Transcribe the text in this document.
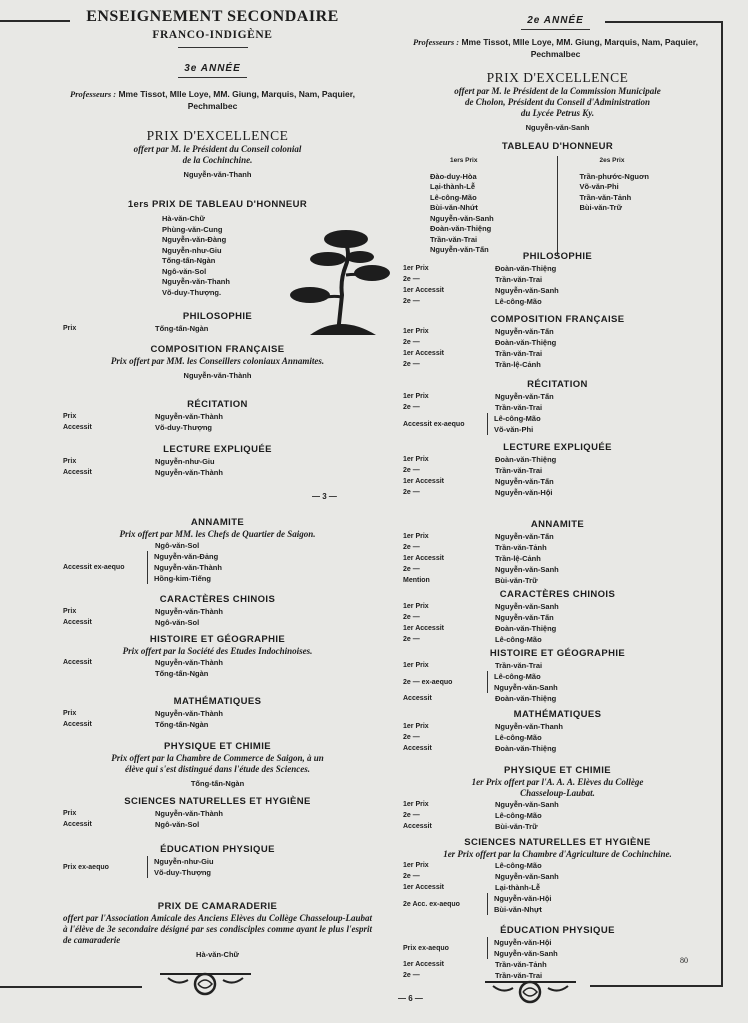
ENSEIGNEMENT SECONDAIRE
FRANCO-INDIGÈNE
3e ANNÉE
Professeurs : Mme Tissot, Mlle Loye, MM. Giung, Marquis, Nam, Paquier, Pechmalbec
2e ANNÉE
Professeurs : Mme Tissot, Mlle Loye, MM. Giung, Marquis, Nam, Paquier, Pechmalbec
PRIX D'EXCELLENCE
offert par M. le Président du Conseil colonial
de la Cochinchine.
Nguyễn-văn-Thanh
1ers PRIX DE TABLEAU D'HONNEUR
Hà-văn-Chữ
Phùng-văn-Cung
Nguyễn-văn-Đàng
Nguyễn-như-Giu
Tống-tấn-Ngàn
Ngô-văn-Sol
Nguyễn-văn-Thanh
Võ-duy-Thượng.
PHILOSOPHIE
Prix	Tống-tấn-Ngàn
COMPOSITION FRANÇAISE
Prix offert par MM. les Conseillers coloniaux Annamites.
Nguyễn-văn-Thành
RÉCITATION
Prix	Nguyễn-văn-Thành
Accessit	Võ-duy-Thượng
LECTURE EXPLIQUÉE
Prix	Nguyễn-như-Giu
Accessit	Nguyễn-văn-Thành
ANNAMITE
Prix offert par MM. les Chefs de Quartier de Saigon.
Ngô-văn-Sol
Accessit ex-aequo
Nguyễn-văn-Đảng
Nguyễn-văn-Thành
Hồng-kim-Tiếng
CARACTÈRES CHINOIS
Prix	Nguyễn-văn-Thành
Accessit	Ngô-văn-Sol
HISTOIRE ET GÉOGRAPHIE
Prix offert par la Société des Etudes Indochinoises.
Accessit	Nguyễn-văn-Thành
Tống-tấn-Ngàn
MATHÉMATIQUES
Prix	Nguyễn-văn-Thành
Accessit	Tống-tấn-Ngàn
PHYSIQUE ET CHIMIE
Prix offert par la Chambre de Commerce de Saigon, à un
élève qui s'est distingué dans l'étude des Sciences.
Tống-tấn-Ngàn
SCIENCES NATURELLES ET HYGIÈNE
Prix	Nguyễn-văn-Thành
Accessit	Ngô-văn-Sol
ÉDUCATION PHYSIQUE
Prix ex-aequo
Nguyễn-như-Giu
Võ-duy-Thượng
PRIX DE CAMARADERIE
offert par l'Association Amicale des Anciens Elèves du Collège Chasseloup-Laubat à l'élève de 3e secondaire désigné par ses condisciples comme ayant le plus l'esprit de camaraderie
Hà-văn-Chữ
PRIX D'EXCELLENCE
offert par M. le Président de la Commission Municipale
de Cholon, Président du Conseil d'Administration
du Lycée Petrus Ky.
Nguyễn-văn-Sanh
TABLEAU D'HONNEUR
1ers Prix
Đào-duy-Hòa
Lại-thành-Lễ
Lê-công-Mão
Bùi-văn-Nhứt
Nguyễn-văn-Sanh
Đoàn-văn-Thiệng
Trần-văn-Trai
Nguyễn-văn-Tấn
2es Prix
Trần-phước-Nguơn
Võ-văn-Phi
Trần-văn-Tảnh
Bùi-văn-Trữ
PHILOSOPHIE
1er Prix	Đoàn-văn-Thiệng
2e —	Trần-văn-Trai
1er Accessit	Nguyễn-văn-Sanh
2e —	Lê-công-Mão
COMPOSITION FRANÇAISE
1er Prix	Nguyễn-văn-Tấn
2e —	Đoàn-văn-Thiệng
1er Accessit	Trần-văn-Trai
2e —	Trần-lệ-Cảnh
RÉCITATION
1er Prix	Nguyễn-văn-Tấn
2e —	Trần-văn-Trai
Accessit ex-aequo
Lê-công-Mão
Võ-văn-Phi
LECTURE EXPLIQUÉE
1er Prix	Đoàn-văn-Thiệng
2e —	Trần-văn-Trai
1er Accessit	Nguyễn-văn-Tấn
2e —	Nguyễn-văn-Hội
ANNAMITE
1er Prix	Nguyễn-văn-Tấn
2e —	Trần-văn-Tảnh
1er Accessit	Trần-lệ-Cảnh
2e —	Nguyễn-văn-Sanh
Mention	Bùi-văn-Trữ
CARACTÈRES CHINOIS
1er Prix	Nguyễn-văn-Sanh
2e —	Nguyễn-văn-Tấn
1er Accessit	Đoàn-văn-Thiệng
2e —	Lê-công-Mão
HISTOIRE ET GÉOGRAPHIE
1er Prix	Trần-văn-Trai
2e — ex-aequo
Lê-công-Mão
Nguyễn-văn-Sanh
Accessit	Đoàn-văn-Thiệng
MATHÉMATIQUES
1er Prix	Nguyễn-văn-Thanh
2e —	Lê-công-Mão
Accessit	Đoàn-văn-Thiệng
PHYSIQUE ET CHIMIE
1er Prix offert par l'A. A. A. Elèves du Collège
Chasseloup-Laubat.
1er Prix	Nguyễn-văn-Sanh
2e —	Lê-công-Mão
Accessit	Bùi-văn-Trữ
SCIENCES NATURELLES ET HYGIÈNE
1er Prix offert par la Chambre d'Agriculture de Cochinchine.
1er Prix	Lê-công-Mão
2e —	Nguyễn-văn-Sanh
1er Accessit	Lại-thành-Lễ
2e Acc. ex-aequo
Nguyễn-văn-Hội
Bùi-văn-Nhựt
ÉDUCATION PHYSIQUE
Prix ex-aequo
Nguyễn-văn-Hội
Nguyễn-văn-Sanh
1er Accessit	Trần-văn-Tảnh
2e —	Trần-văn-Trai
— 3 —
— 6 —
80
